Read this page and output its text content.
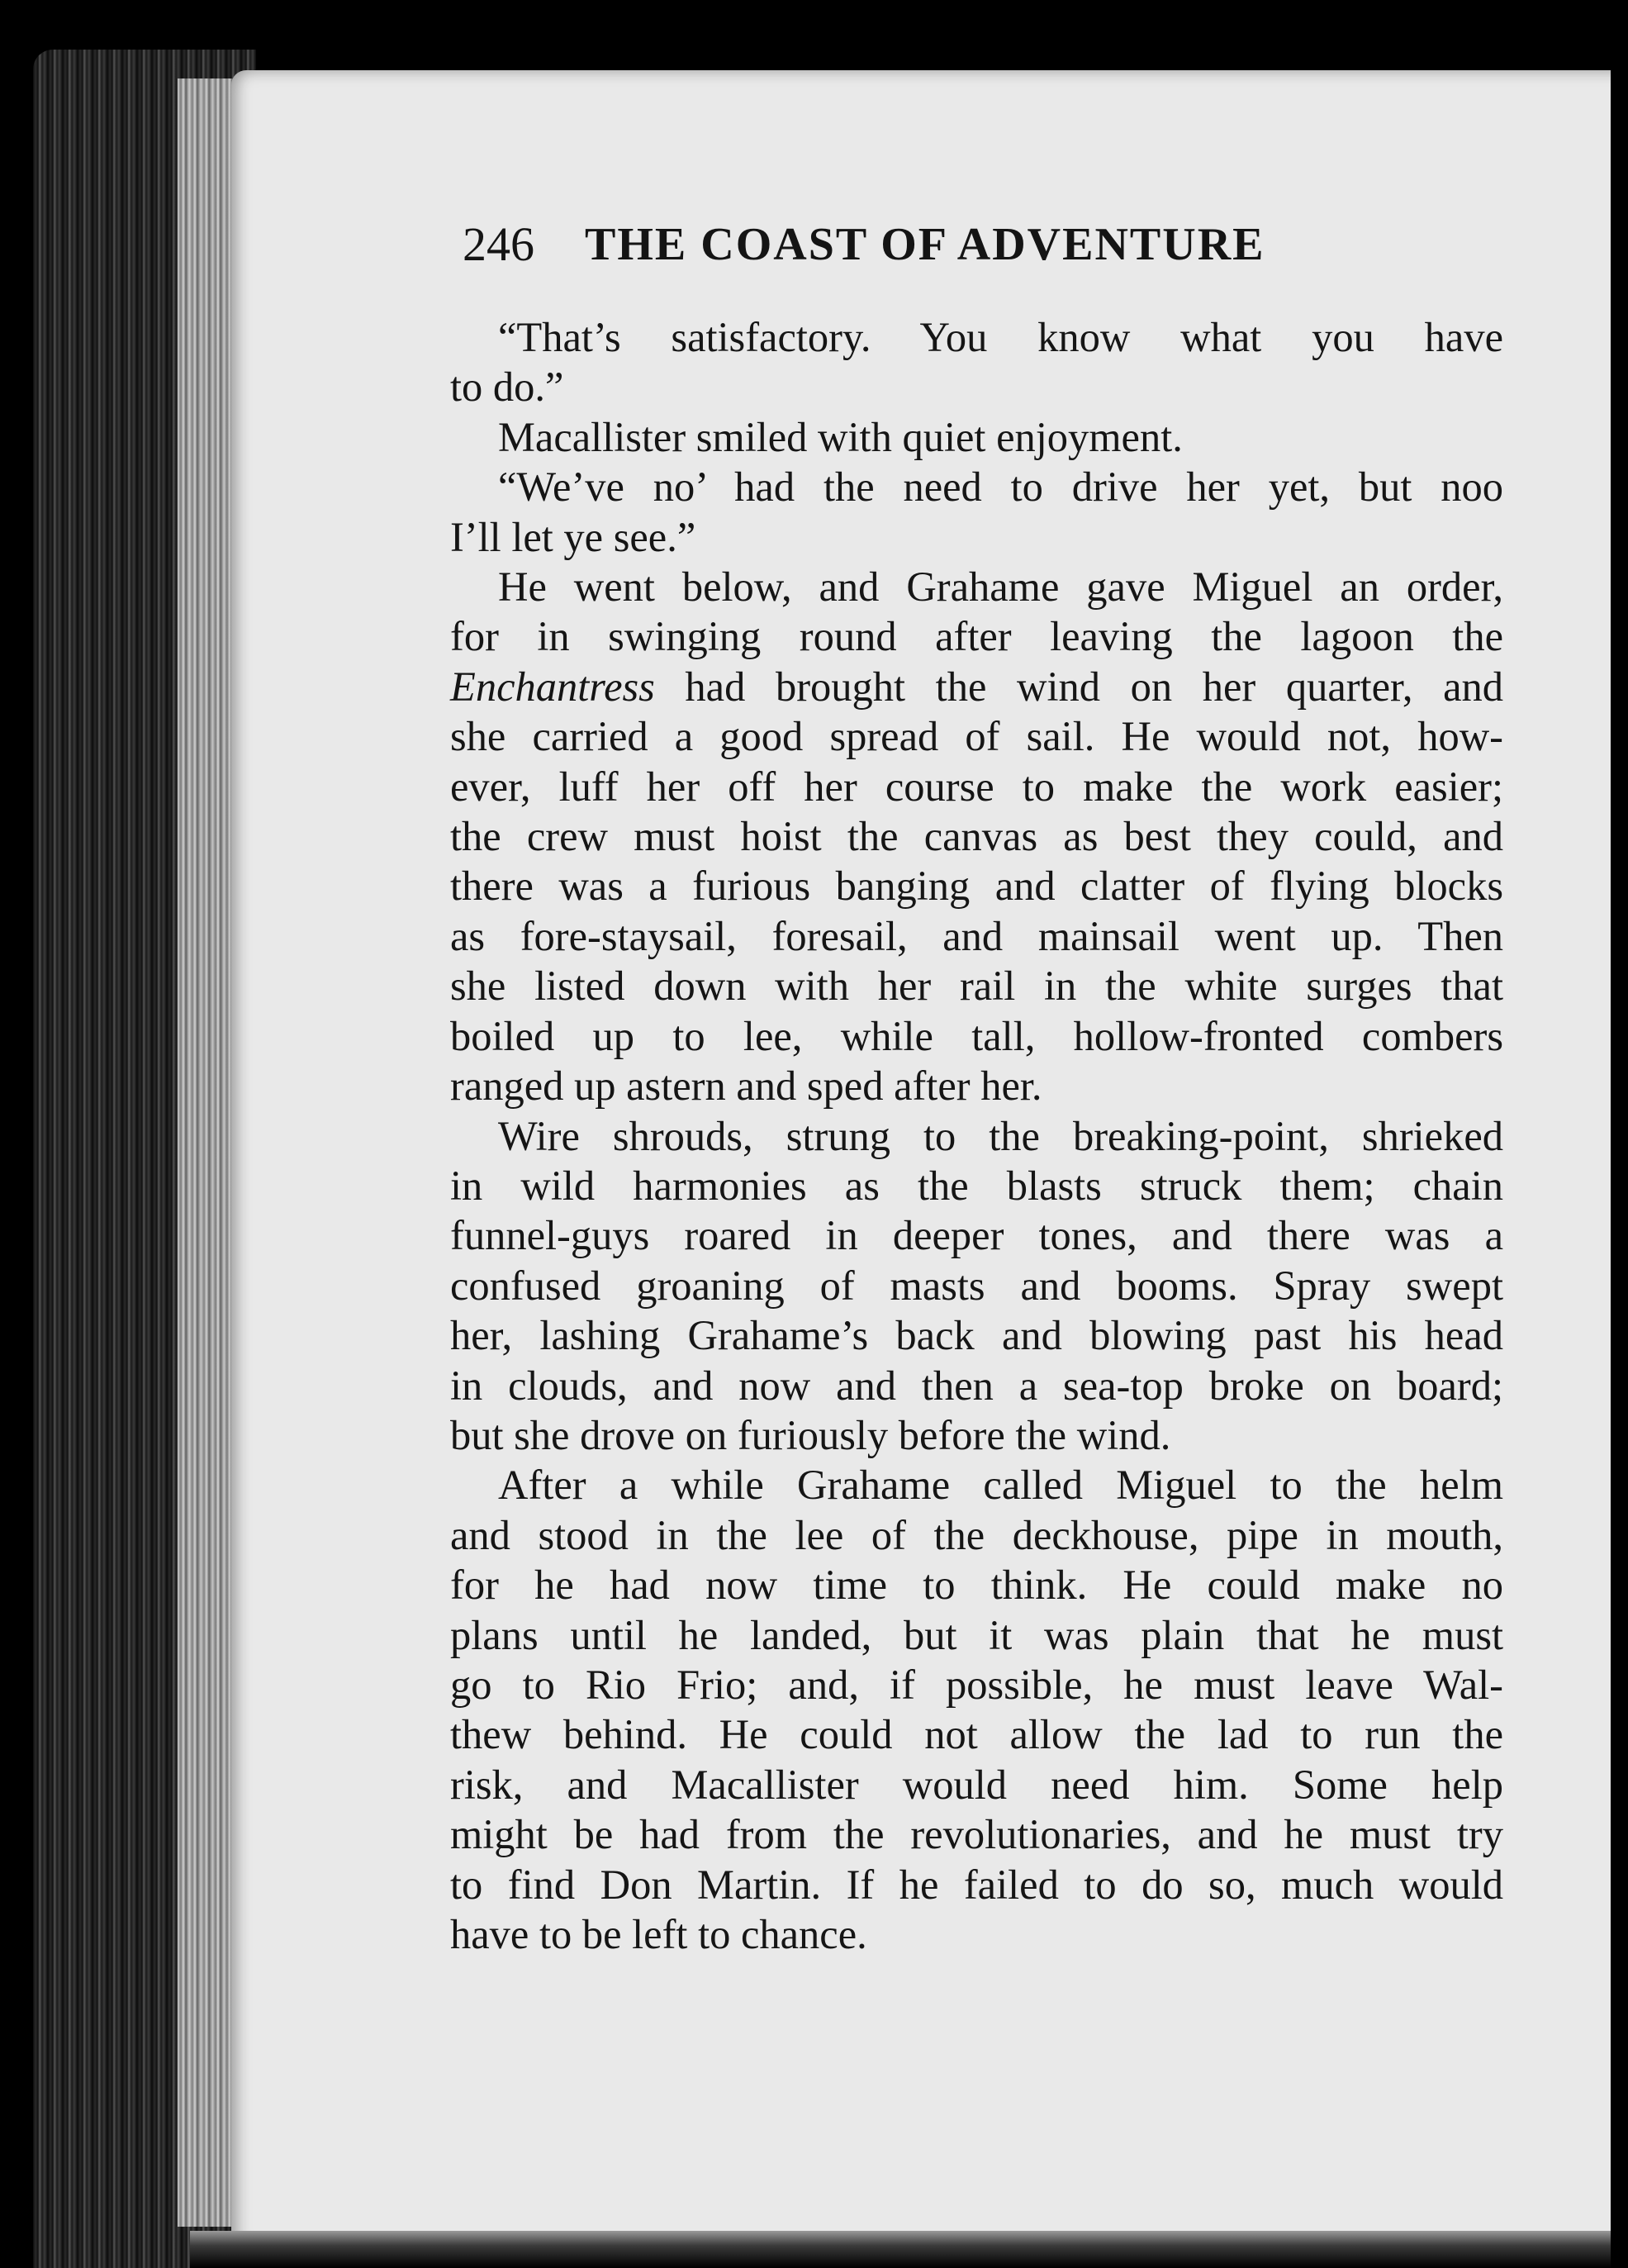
246 THE COAST OF ADVENTURE
“That’s satisfactory. You know what you have
to do.”
Macallister smiled with quiet enjoyment.
“We’ve no’ had the need to drive her yet, but noo
I’ll let ye see.”
He went below, and Grahame gave Miguel an order,
for in swinging round after leaving the lagoon the
Enchantress had brought the wind on her quarter, and
she carried a good spread of sail. He would not, how-
ever, luff her off her course to make the work easier;
the crew must hoist the canvas as best they could, and
there was a furious banging and clatter of flying blocks
as fore-staysail, foresail, and mainsail went up. Then
she listed down with her rail in the white surges that
boiled up to lee, while tall, hollow-fronted combers
ranged up astern and sped after her.
Wire shrouds, strung to the breaking-point, shrieked
in wild harmonies as the blasts struck them; chain
funnel-guys roared in deeper tones, and there was a
confused groaning of masts and booms. Spray swept
her, lashing Grahame’s back and blowing past his head
in clouds, and now and then a sea-top broke on board;
but she drove on furiously before the wind.
After a while Grahame called Miguel to the helm
and stood in the lee of the deckhouse, pipe in mouth,
for he had now time to think. He could make no
plans until he landed, but it was plain that he must
go to Rio Frio; and, if possible, he must leave Wal-
thew behind. He could not allow the lad to run the
risk, and Macallister would need him. Some help
might be had from the revolutionaries, and he must try
to find Don Martin. If he failed to do so, much would
have to be left to chance.
